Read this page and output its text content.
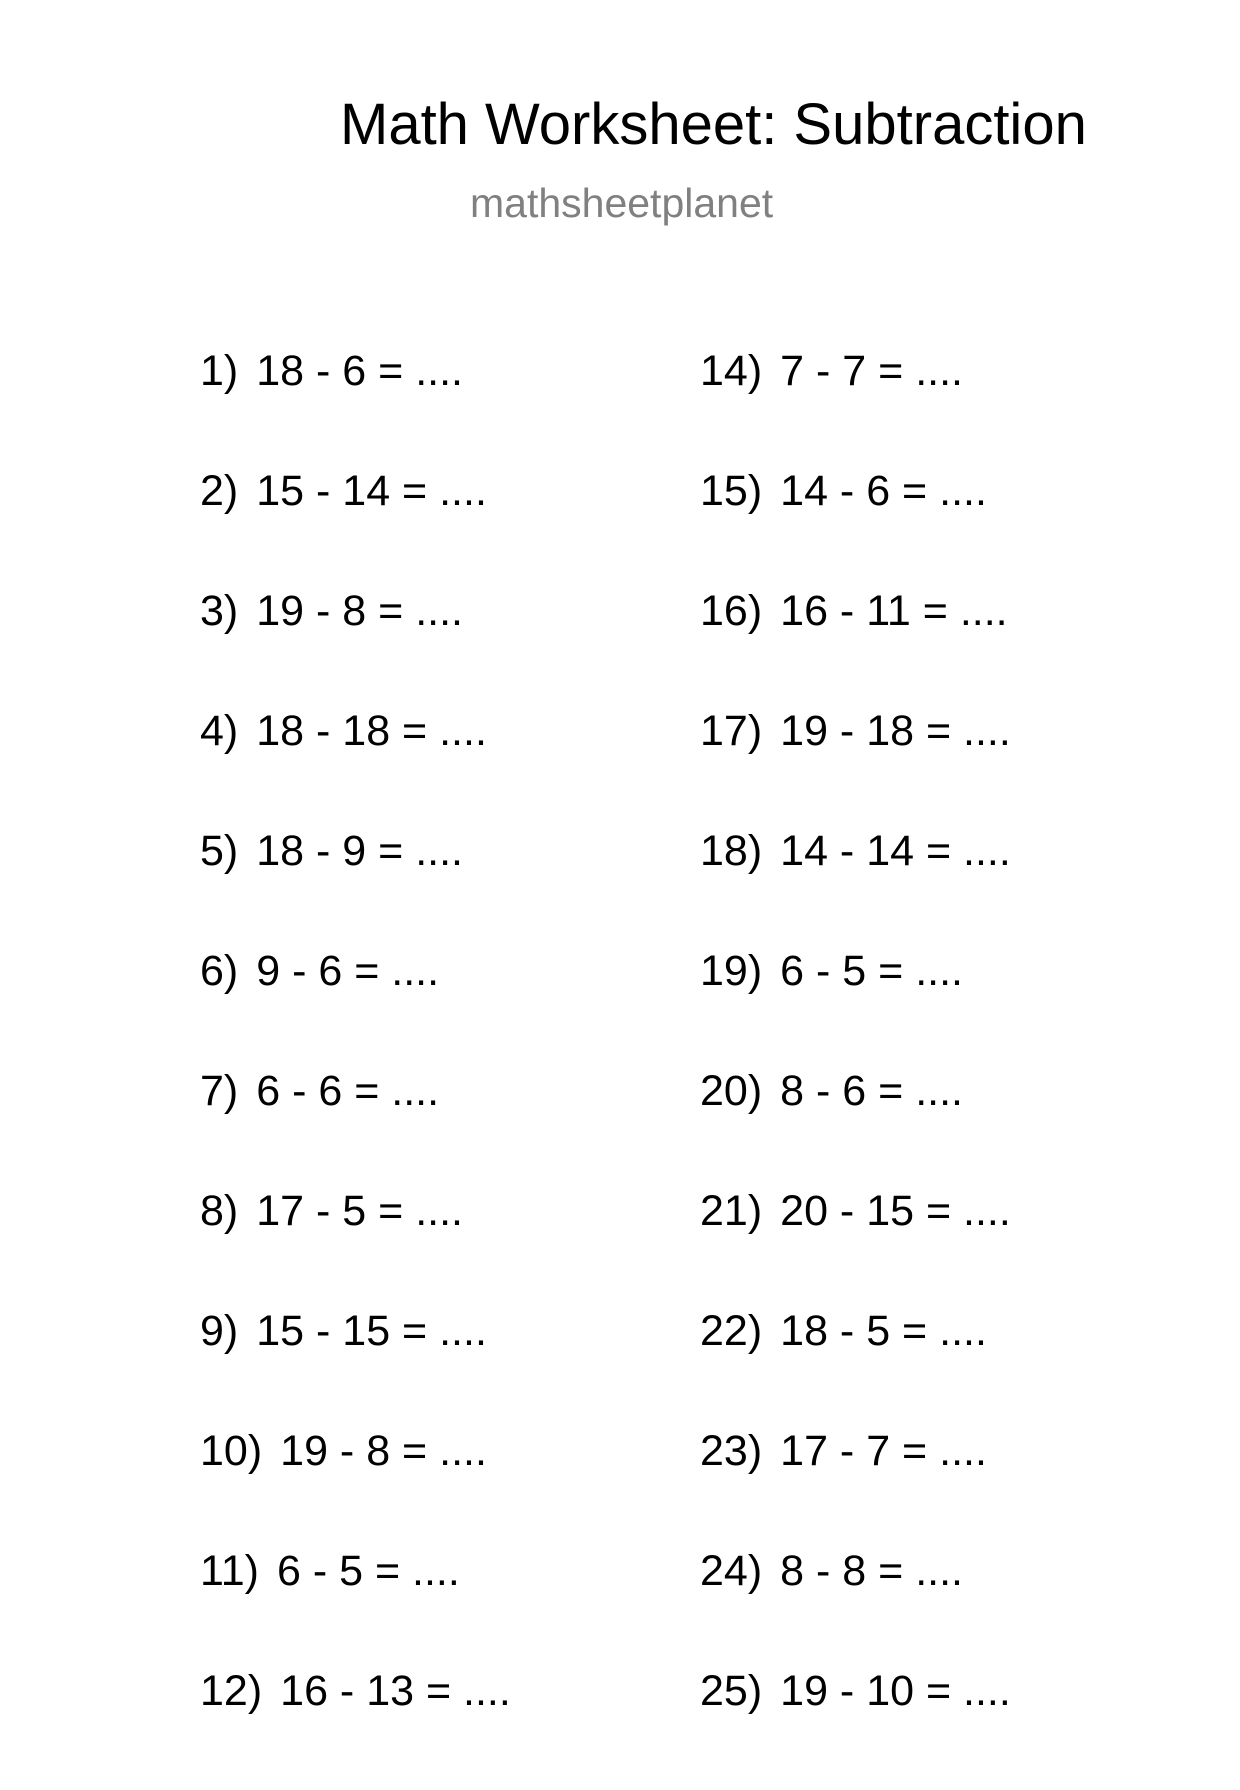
Math Worksheet: Subtraction
mathsheetplanet
1) 18 - 6 = ....
2) 15 - 14 = ....
3) 19 - 8 = ....
4) 18 - 18 = ....
5) 18 - 9 = ....
6) 9 - 6 = ....
7) 6 - 6 = ....
8) 17 - 5 = ....
9) 15 - 15 = ....
10) 19 - 8 = ....
11) 6 - 5 = ....
12) 16 - 13 = ....
14) 7 - 7 = ....
15) 14 - 6 = ....
16) 16 - 11 = ....
17) 19 - 18 = ....
18) 14 - 14 = ....
19) 6 - 5 = ....
20) 8 - 6 = ....
21) 20 - 15 = ....
22) 18 - 5 = ....
23) 17 - 7 = ....
24) 8 - 8 = ....
25) 19 - 10 = ....
